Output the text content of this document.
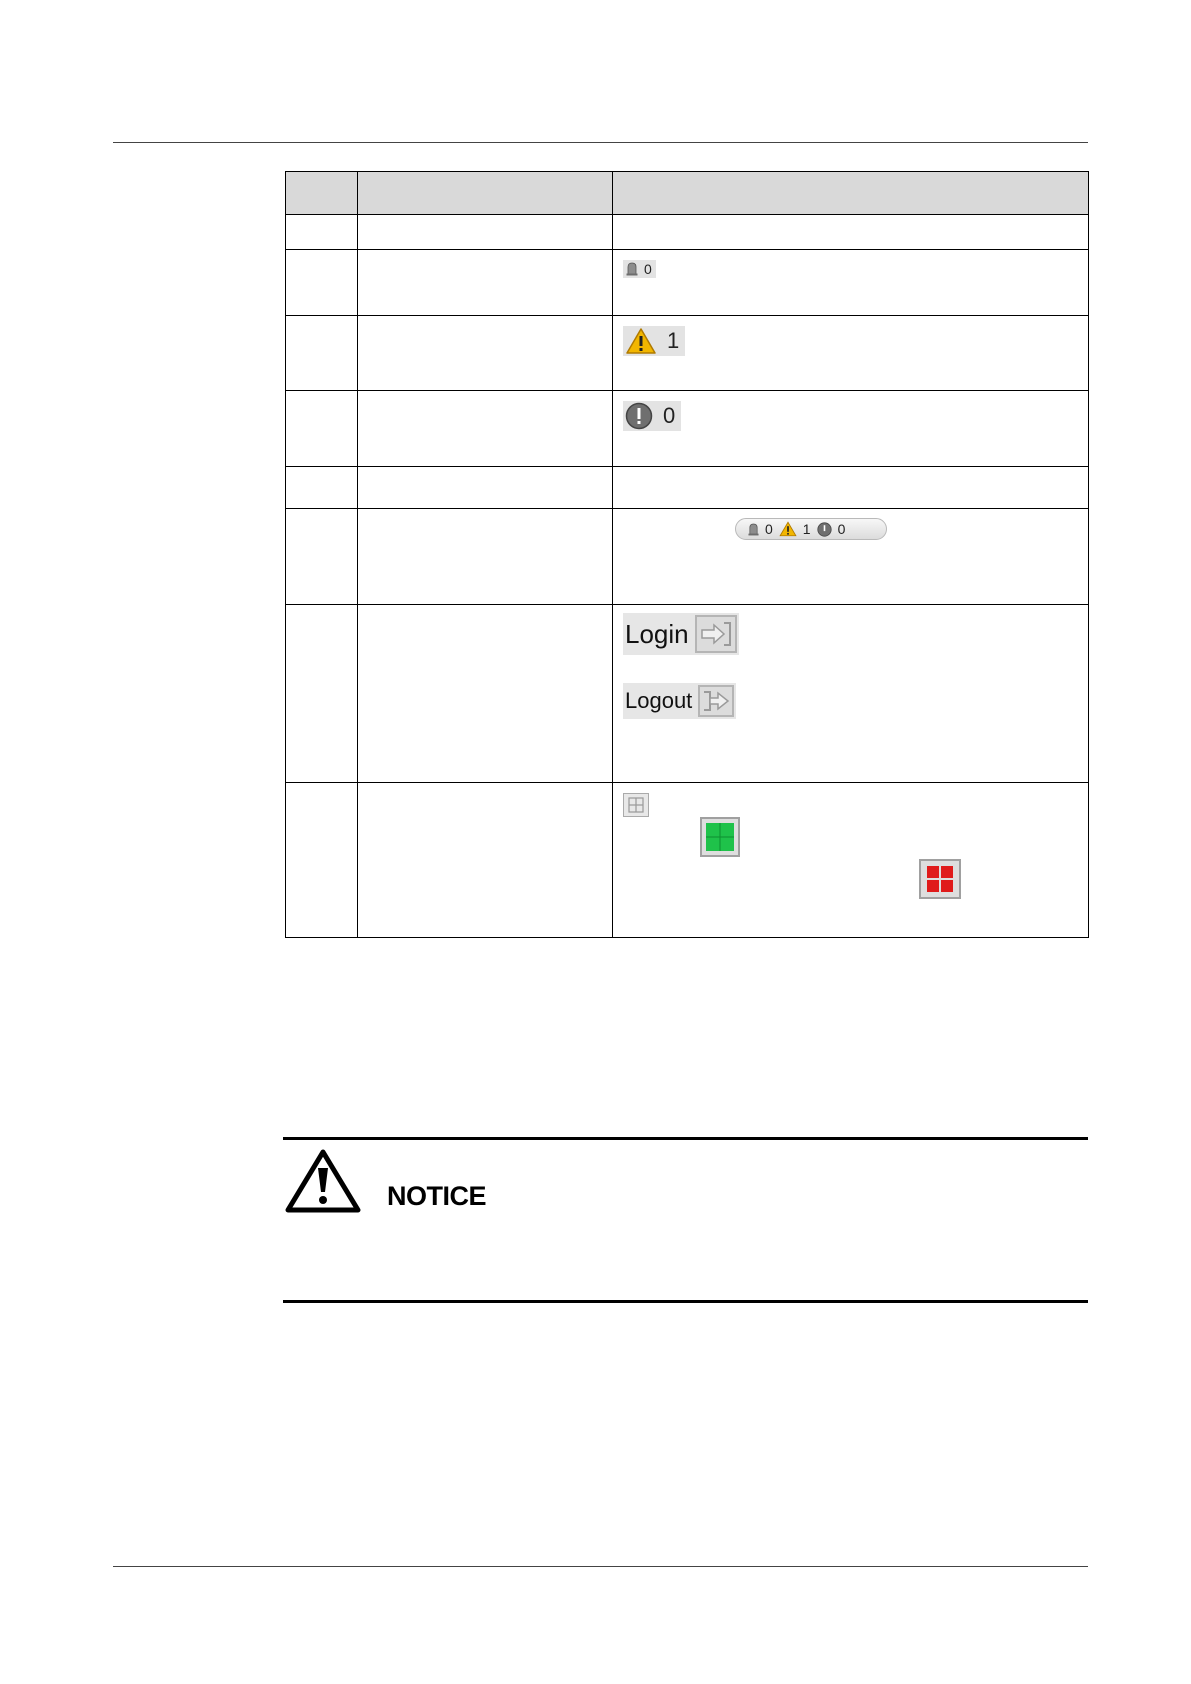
		0

		1

		0

		0 1 0

		Login
Logout

NOTICE
